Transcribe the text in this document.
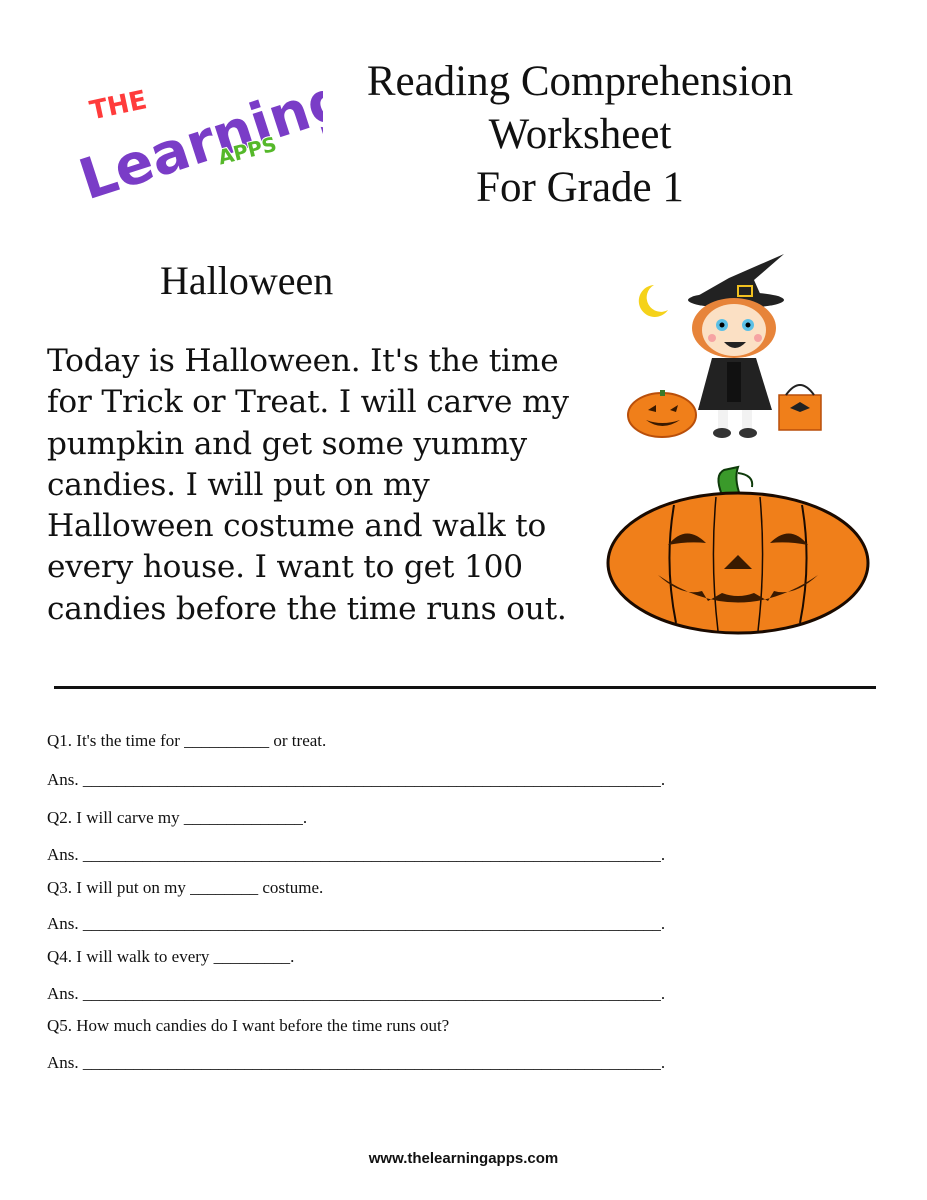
THE
Learning
APPS
Reading Comprehension
Worksheet
For Grade 1
Halloween
Today is Halloween. It's the time
for Trick or Treat. I will carve my
pumpkin and get some yummy
candies. I will put on my
Halloween costume and walk to
every house. I want to get 100
candies before the time runs out.
Q1. It's the time for __________ or treat.
Ans. ____________________________________________________________________.
Q2. I will carve my ______________.
Ans. ____________________________________________________________________.
Q3. I will put on my ________ costume.
Ans. ____________________________________________________________________.
Q4. I will walk to every _________.
Ans. ____________________________________________________________________.
Q5. How much candies do I want before the time runs out?
Ans. ____________________________________________________________________.
www.thelearningapps.com
